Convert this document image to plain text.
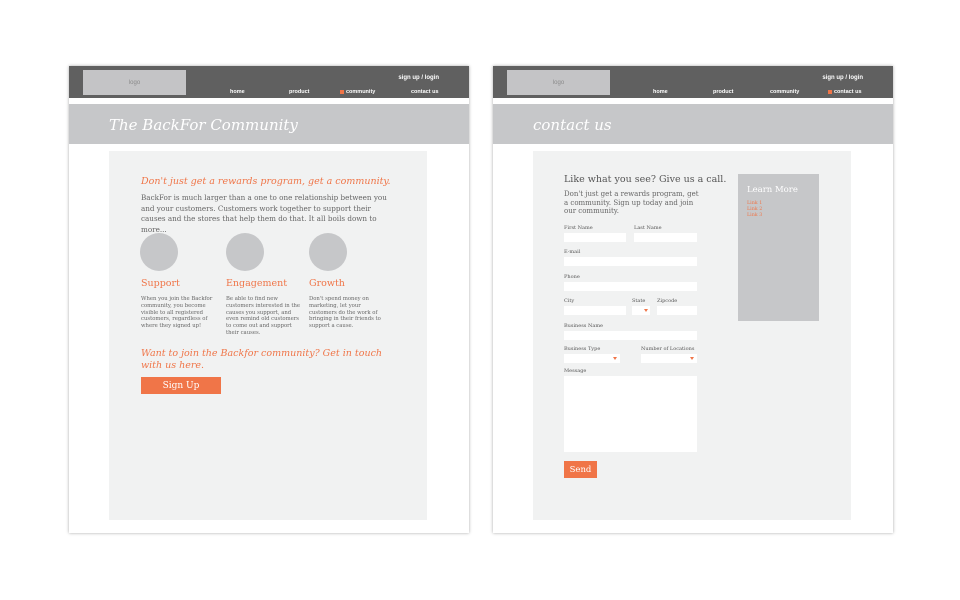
logo
sign up / login
home	product	community	contact us
The BackFor Community
Don't just get a rewards program, get a community.
BackFor is much larger than a one to one relationship between you and your customers. Customers work together to support their causes and the stores that help them do that. It all boils down to more...
Support	Engagement Growth
When you join the Backfor community, you become visible to all registered customers, regardless of where they signed up!
Be able to find new customers interested in the causes you support, and even remind old customers to come out and support their causes.
Don't spend money on marketing, let your customers do the work of bringing in their friends to support a cause.
Want to join the Backfor community? Get in touch with us here.
Sign Up
logo
sign up / login
home	product	community	contact us
contact us
Like what you see? Give us a call.
Don't just get a rewards program, get a community. Sign up today and join our community.
First Name	Last Name
E-mail
Phone
City	State Zipcode
Business Name
Business Type	Number of Locations
Message
Send
Learn More
Link 1
Link 2
Link 3
